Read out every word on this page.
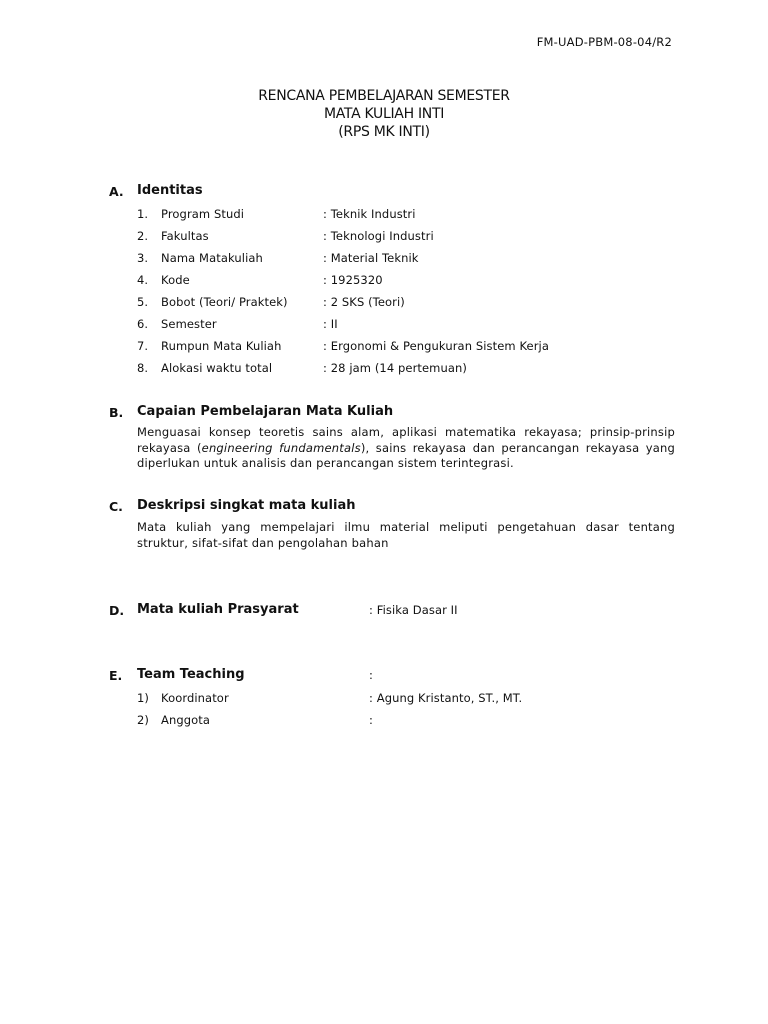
FM-UAD-PBM-08-04/R2
RENCANA PEMBELAJARAN SEMESTER
MATA KULIAH INTI
(RPS MK INTI)
A. Identitas
1. Program Studi	: Teknik Industri
2. Fakultas	: Teknologi Industri
3. Nama Matakuliah	: Material Teknik
4. Kode	: 1925320
5. Bobot (Teori/ Praktek)	: 2 SKS (Teori)
6. Semester	: II
7. Rumpun Mata Kuliah	: Ergonomi & Pengukuran Sistem Kerja
8. Alokasi waktu total	: 28 jam (14 pertemuan)
B. Capaian Pembelajaran Mata Kuliah
Menguasai konsep teoretis sains alam, aplikasi matematika rekayasa; prinsip-prinsip rekayasa (engineering fundamentals), sains rekayasa dan perancangan rekayasa yang diperlukan untuk analisis dan perancangan sistem terintegrasi.
C. Deskripsi singkat mata kuliah
Mata kuliah yang mempelajari ilmu material meliputi pengetahuan dasar tentang struktur, sifat-sifat dan pengolahan bahan
D. Mata kuliah Prasyarat	: Fisika Dasar II
E. Team Teaching	:
1) Koordinator	: Agung Kristanto, ST., MT.
2) Anggota	:
